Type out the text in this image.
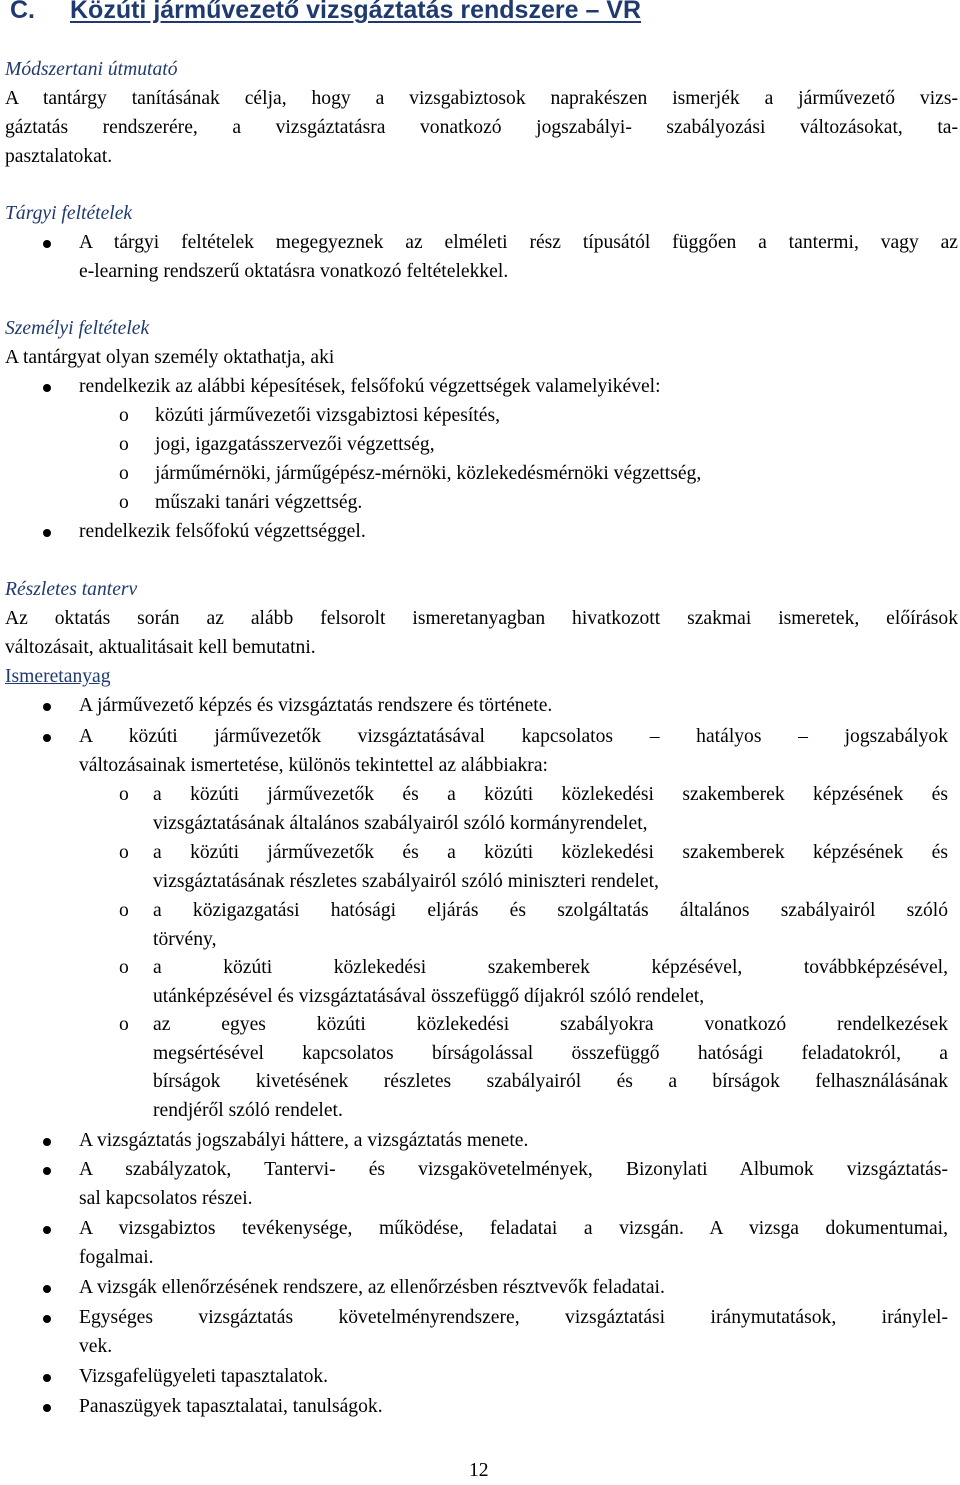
C. Közúti járművezető vizsgáztatás rendszere – VR
Módszertani útmutató
A tantárgy tanításának célja, hogy a vizsgabiztosok naprakészen ismerjék a járművezető vizs-
gáztatás rendszerére, a vizsgáztatásra vonatkozó jogszabályi- szabályozási változásokat, ta-
pasztalatokat.
Tárgyi feltételek
A tárgyi feltételek megegyeznek az elméleti rész típusától függően a tantermi, vagy az
e-learning rendszerű oktatásra vonatkozó feltételekkel.
Személyi feltételek
A tantárgyat olyan személy oktathatja, aki
rendelkezik az alábbi képesítések, felsőfokú végzettségek valamelyikével:
o közúti járművezetői vizsgabiztosi képesítés,
o jogi, igazgatásszervezői végzettség,
o járműmérnöki, járműgépész-mérnöki, közlekedésmérnöki végzettség,
o műszaki tanári végzettség.
rendelkezik felsőfokú végzettséggel.
Részletes tanterv
Az oktatás során az alább felsorolt ismeretanyagban hivatkozott szakmai ismeretek, előírások
változásait, aktualitásait kell bemutatni.
Ismeretanyag
A járművezető képzés és vizsgáztatás rendszere és története.
A közúti járművezetők vizsgáztatásával kapcsolatos – hatályos – jogszabályok
változásainak ismertetése, különös tekintettel az alábbiakra:
o a közúti járművezetők és a közúti közlekedési szakemberek képzésének és
vizsgáztatásának általános szabályairól szóló kormányrendelet,
o a közúti járművezetők és a közúti közlekedési szakemberek képzésének és
vizsgáztatásának részletes szabályairól szóló miniszteri rendelet,
o a közigazgatási hatósági eljárás és szolgáltatás általános szabályairól szóló
törvény,
o a közúti közlekedési szakemberek képzésével, továbbképzésével,
utánképzésével és vizsgáztatásával összefüggő díjakról szóló rendelet,
o az egyes közúti közlekedési szabályokra vonatkozó rendelkezések
megsértésével kapcsolatos bírságolással összefüggő hatósági feladatokról, a
bírságok kivetésének részletes szabályairól és a bírságok felhasználásának
rendjéről szóló rendelet.
A vizsgáztatás jogszabályi háttere, a vizsgáztatás menete.
A szabályzatok, Tantervi- és vizsgakövetelmények, Bizonylati Albumok vizsgáztatás-
sal kapcsolatos részei.
A vizsgabiztos tevékenysége, működése, feladatai a vizsgán. A vizsga dokumentumai,
fogalmai.
A vizsgák ellenőrzésének rendszere, az ellenőrzésben résztvevők feladatai.
Egységes vizsgáztatás követelményrendszere, vizsgáztatási iránymutatások, iránylel-
vek.
Vizsgafelügyeleti tapasztalatok.
Panaszügyek tapasztalatai, tanulságok.
12
